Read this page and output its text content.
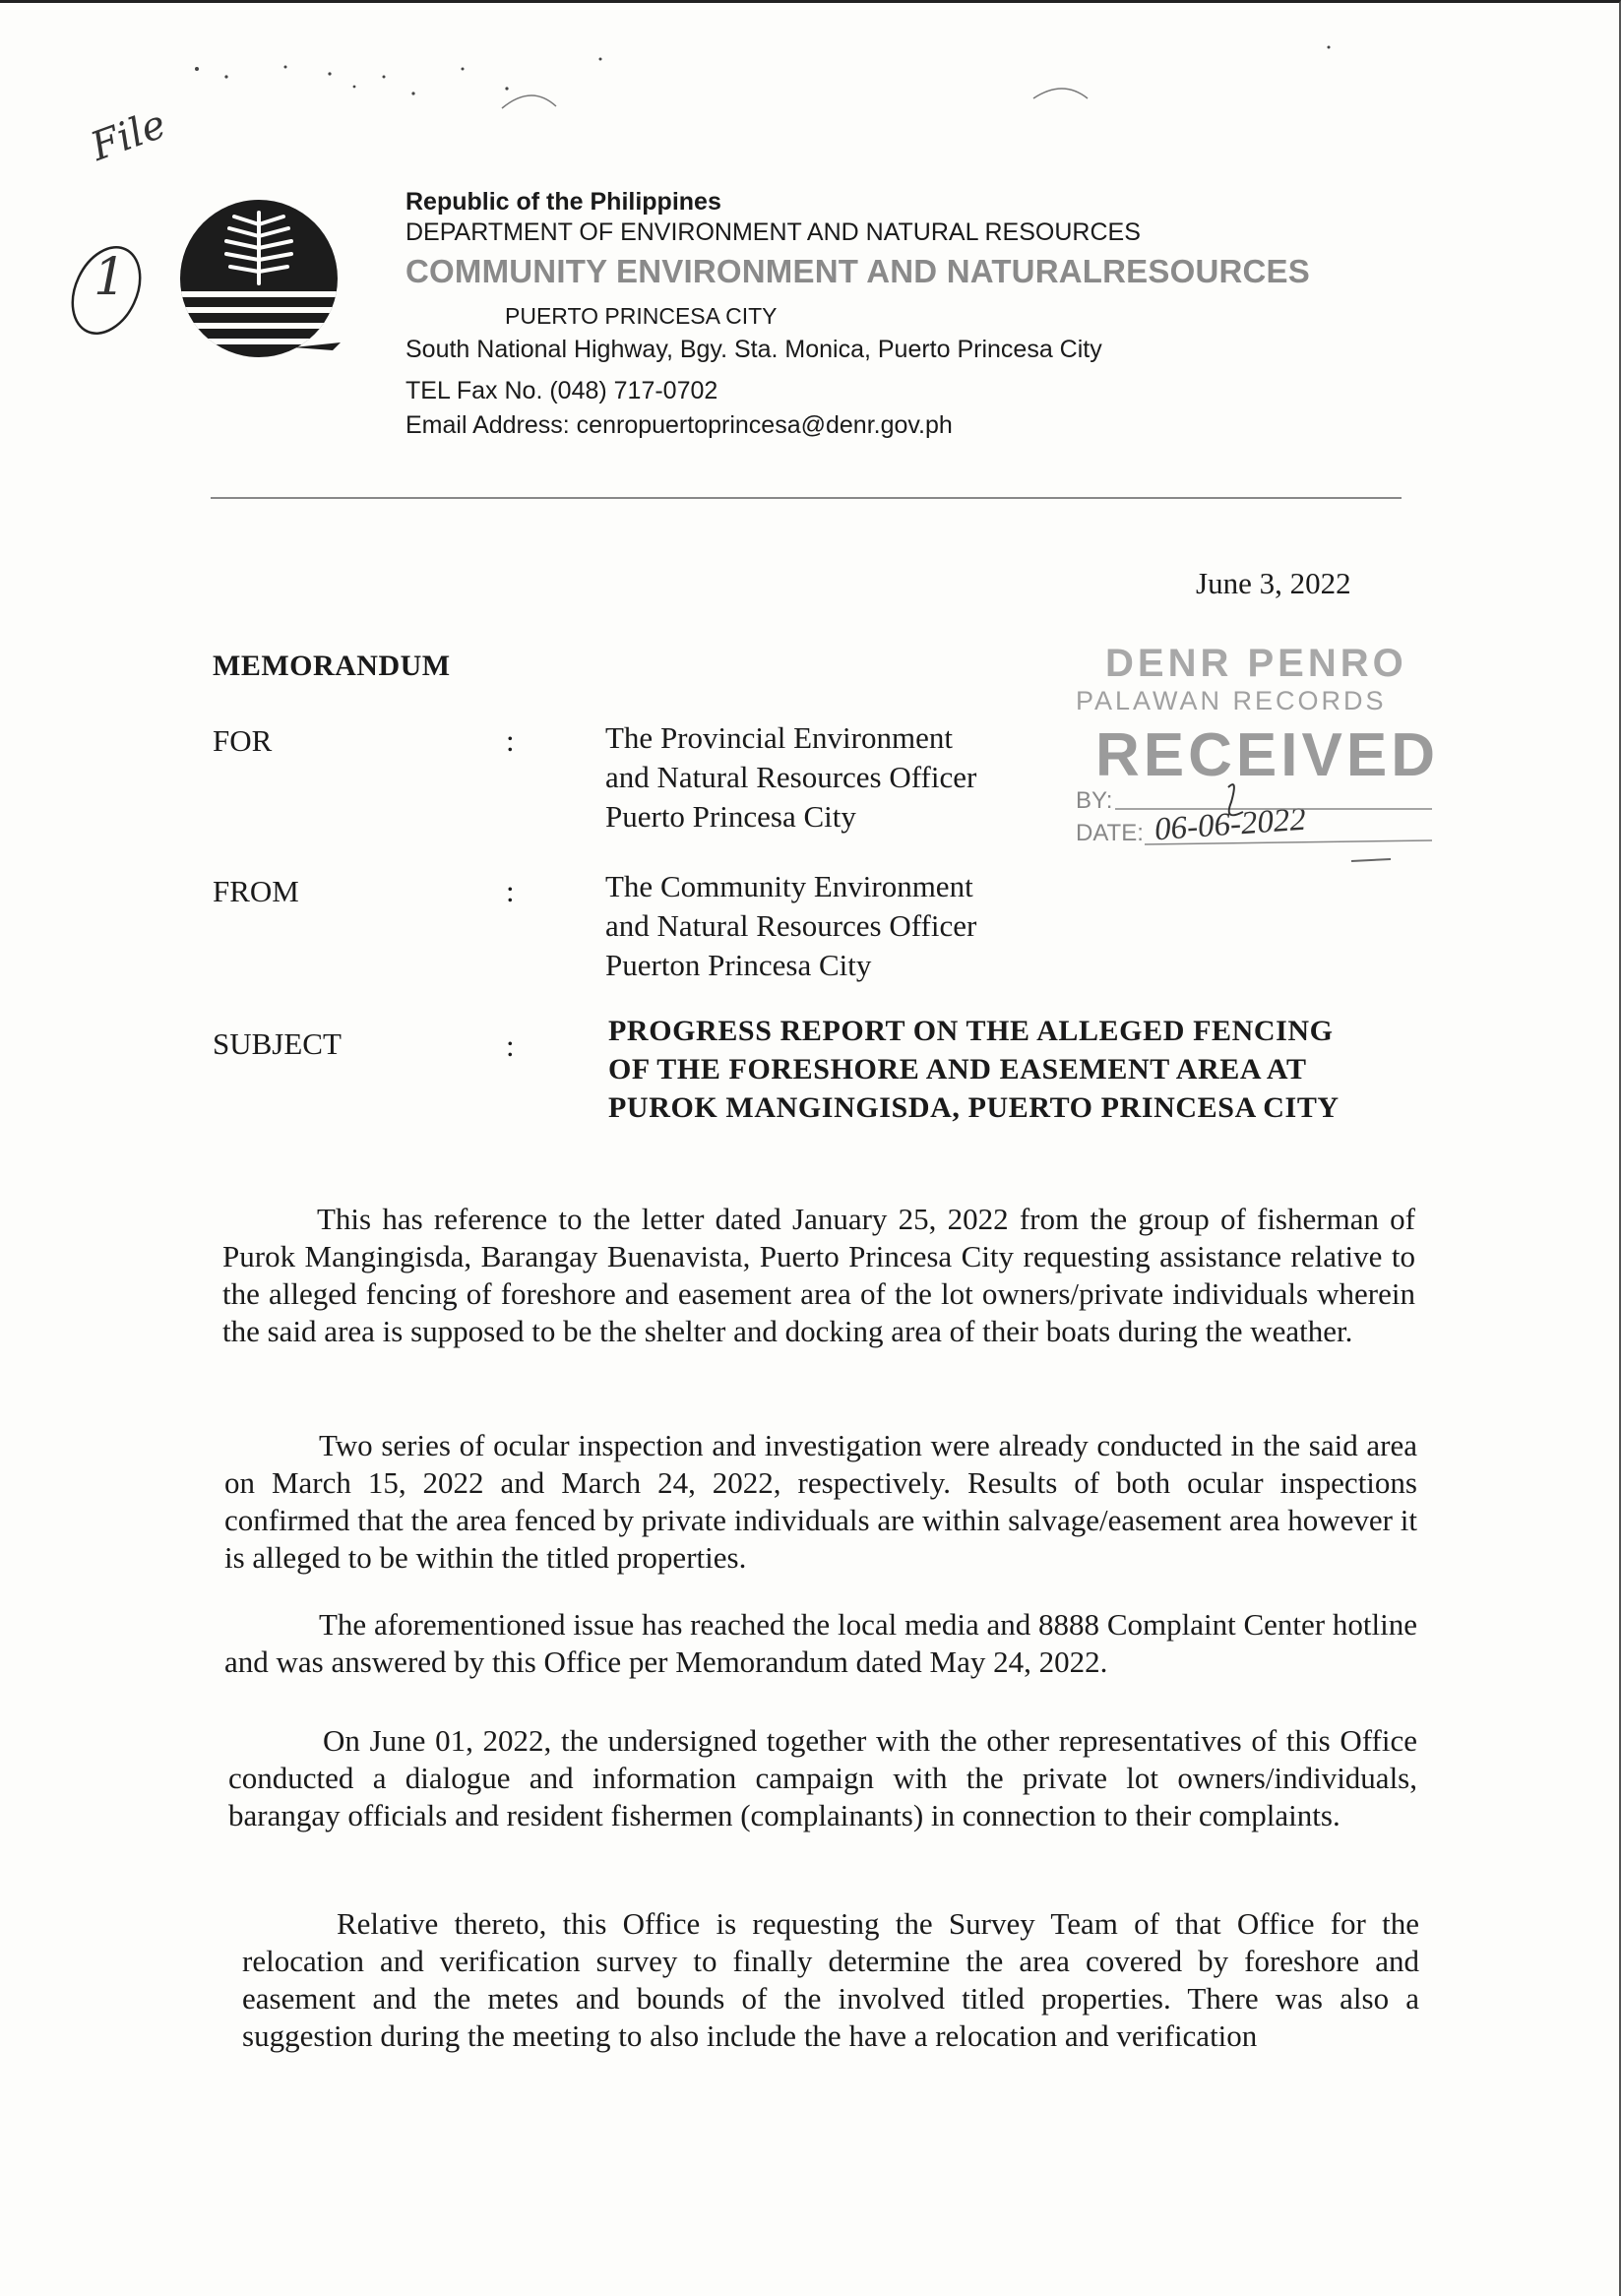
File
1
Republic of the Philippines
DEPARTMENT OF ENVIRONMENT AND NATURAL RESOURCES
COMMUNITY ENVIRONMENT AND NATURALRESOURCES
PUERTO PRINCESA CITY
South National Highway, Bgy. Sta. Monica, Puerto Princesa City
TEL Fax No. (048) 717-0702
Email Address: cenropuertoprincesa@denr.gov.ph
June 3, 2022
DENR PENRO
PALAWAN RECORDS
RECEIVED
BY:
DATE: 06-06-2022
MEMORANDUM
FOR	:	The Provincial Environment
and Natural Resources Officer
Puerto Princesa City
FROM	:	The Community Environment
and Natural Resources Officer
Puerton Princesa City
SUBJECT	:	PROGRESS REPORT ON THE ALLEGED FENCING
OF THE FORESHORE AND EASEMENT AREA AT
PUROK MANGINGISDA, PUERTO PRINCESA CITY

This has reference to the letter dated January 25, 2022 from the group of fisherman of Purok Mangingisda, Barangay Buenavista, Puerto Princesa City requesting assistance relative to the alleged fencing of foreshore and easement area of the lot owners/private individuals wherein the said area is supposed to be the shelter and docking area of their boats during the weather.

Two series of ocular inspection and investigation were already conducted in the said area on March 15, 2022 and March 24, 2022, respectively. Results of both ocular inspections confirmed that the area fenced by private individuals are within salvage/easement area however it is alleged to be within the titled properties.

The aforementioned issue has reached the local media and 8888 Complaint Center hotline and was answered by this Office per Memorandum dated May 24, 2022.

On June 01, 2022, the undersigned together with the other representatives of this Office conducted a dialogue and information campaign with the private lot owners/individuals, barangay officials and resident fishermen (complainants) in connection to their complaints.

Relative thereto, this Office is requesting the Survey Team of that Office for the relocation and verification survey to finally determine the area covered by foreshore and easement and the metes and bounds of the involved titled properties. There was also a suggestion during the meeting to also include the have a relocation and verification
